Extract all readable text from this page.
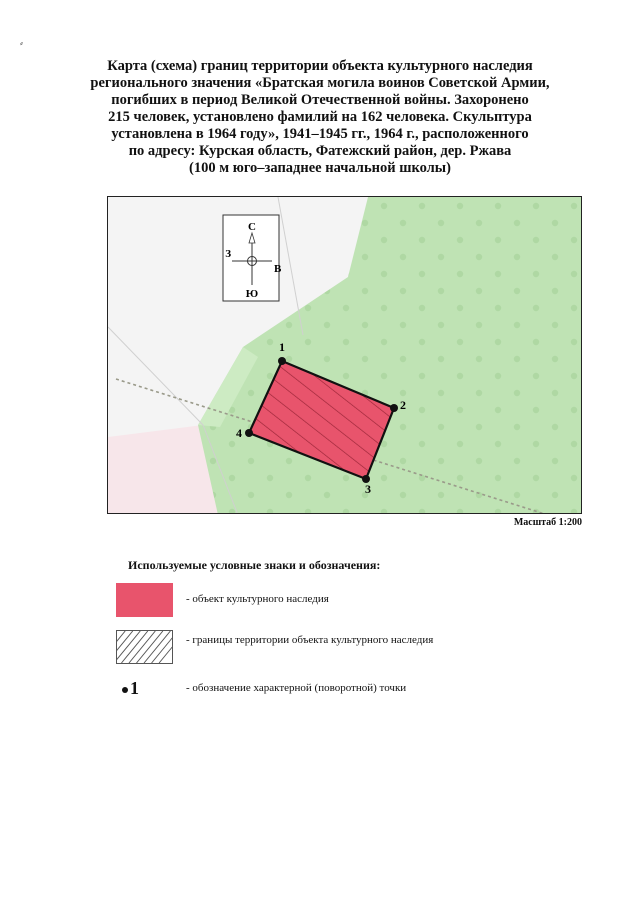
⸗
Карта (схема) границ территории объекта культурного наследия
регионального значения «Братская могила воинов Советской Армии,
погибших в период Великой Отечественной войны. Захоронено
215 человек, установлено фамилий на 162 человека. Скульптура
установлена в 1964 году», 1941–1945 гг., 1964 г., расположенного
по адресу: Курская область, Фатежский район, дер. Ржава
(100 м юго–западнее начальной школы)
С
Ю
З
В
1
2
3
4
Масштаб 1:200
Используемые условные знаки и обозначения:
- объект культурного наследия
- границы территории объекта культурного наследия
1	- обозначение характерной (поворотной) точки
